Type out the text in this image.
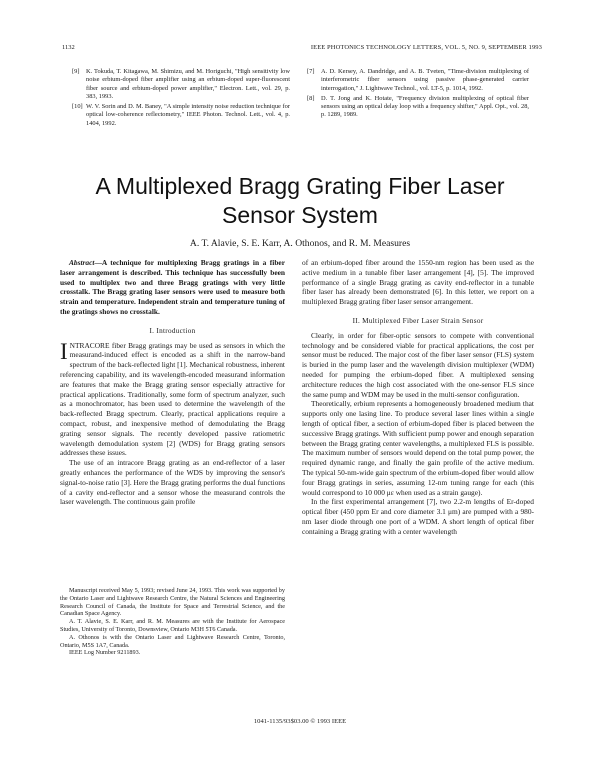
1132	IEEE PHOTONICS TECHNOLOGY LETTERS, VOL. 5, NO. 9, SEPTEMBER 1993
[9]	K. Tokuda, T. Kitagawa, M. Shimizu, and M. Horiguchi, "High sensitivity low noise erbium-doped fiber amplifier using an erbium-doped super-fluorescent fiber source and erbium-doped power amplifier," Electron. Lett., vol. 29, p. 383, 1993.
[10] W. V. Sorin and D. M. Baney, "A simple intensity noise reduction technique for optical low-coherence reflectometry," IEEE Photon. Technol. Lett., vol. 4, p. 1404, 1992.
[7]	A. D. Kersey, A. Dandridge, and A. B. Tveten, "Time-division multiplexing of interferometric fiber sensors using passive phase-generated carrier interrogation," J. Lightwave Technol., vol. LT-5, p. 1014, 1992.
[8]	D. T. Jong and K. Hotate, "Frequency division multiplexing of optical fiber sensors using an optical delay loop with a frequency shifter," Appl. Opt., vol. 28, p. 1289, 1989.
A Multiplexed Bragg Grating Fiber Laser
Sensor System
A. T. Alavie, S. E. Karr, A. Othonos, and R. M. Measures

Abstract—A technique for multiplexing Bragg gratings in a fiber laser arrangement is described. This technique has successfully been used to multiplex two and three Bragg gratings with very little crosstalk. The Bragg grating laser sensors were used to measure both strain and temperature. Independent strain and temperature tuning of the gratings shows no crosstalk.

I. Introduction

INTRACORE fiber Bragg gratings may be used as sensors in which the measurand-induced effect is encoded as a shift in the narrow-band spectrum of the back-reflected light [1]. Mechanical robustness, inherent referencing capability, and its wavelength-encoded measurand information are features that make the Bragg grating sensor especially attractive for practical applications. Traditionally, some form of spectrum analyzer, such as a monochromator, has been used to determine the wavelength of the back-reflected Bragg spectrum. Clearly, practical applications require a compact, robust, and inexpensive method of demodulating the Bragg grating sensor signals. The recently developed passive ratiometric wavelength demodulation system [2] (WDS) for Bragg grating sensors addresses these issues.

The use of an intracore Bragg grating as an end-reflector of a laser greatly enhances the performance of the WDS by improving the sensor's signal-to-noise ratio [3]. Here the Bragg grating performs the dual functions of a cavity end-reflector and a sensor whose the measurand controls the laser wavelength. The continuous gain profile

Manuscript received May 5, 1993; revised June 24, 1993. This work was supported by the Ontario Laser and Lightwave Research Centre, the Natural Sciences and Engineering Research Council of Canada, the Institute for Space and Terrestrial Science, and the Canadian Space Agency.

A. T. Alavie, S. E. Karr, and R. M. Measures are with the Institute for Aerospace Studies, University of Toronto, Downsview, Ontario M3H 5T6 Canada.

A. Othonos is with the Ontario Laser and Lightwave Research Centre, Toronto, Ontario, M5S 1A7, Canada.

IEEE Log Number 9211893.

of an erbium-doped fiber around the 1550-nm region has been used as the active medium in a tunable fiber laser arrangement [4], [5]. The improved performance of a single Bragg grating as cavity end-reflector in a tunable fiber laser has already been demonstrated [6]. In this letter, we report on a multiplexed Bragg grating fiber laser sensor arrangement.

II. Multiplexed Fiber Laser Strain Sensor

Clearly, in order for fiber-optic sensors to compete with conventional technology and be considered viable for practical applications, the cost per sensor must be reduced. The major cost of the fiber laser sensor (FLS) system is buried in the pump laser and the wavelength division multiplexer (WDM) needed for pumping the erbium-doped fiber. A multiplexed sensing architecture reduces the high cost associated with the one-sensor FLS since the same pump and WDM may be used in the multi-sensor configuration.

Theoretically, erbium represents a homogeneously broadened medium that supports only one lasing line. To produce several laser lines within a single length of optical fiber, a section of erbium-doped fiber is placed between the successive Bragg gratings. With sufficient pump power and enough separation between the Bragg grating center wavelengths, a multiplexed FLS is possible. The maximum number of sensors would depend on the total pump power, the required dynamic range, and finally the gain profile of the active medium. The typical 50-nm-wide gain spectrum of the erbium-doped fiber would allow four Bragg gratings in series, assuming 12-nm tuning range for each (this would correspond to 10 000 με when used as a strain gauge).

In the first experimental arrangement [7], two 2.2-m lengths of Er-doped optical fiber (450 ppm Er and core diameter 3.1 μm) are pumped with a 980-nm laser diode through one port of a WDM. A short length of optical fiber containing a Bragg grating with a center wavelength

1041-1135/93$03.00 © 1993 IEEE
